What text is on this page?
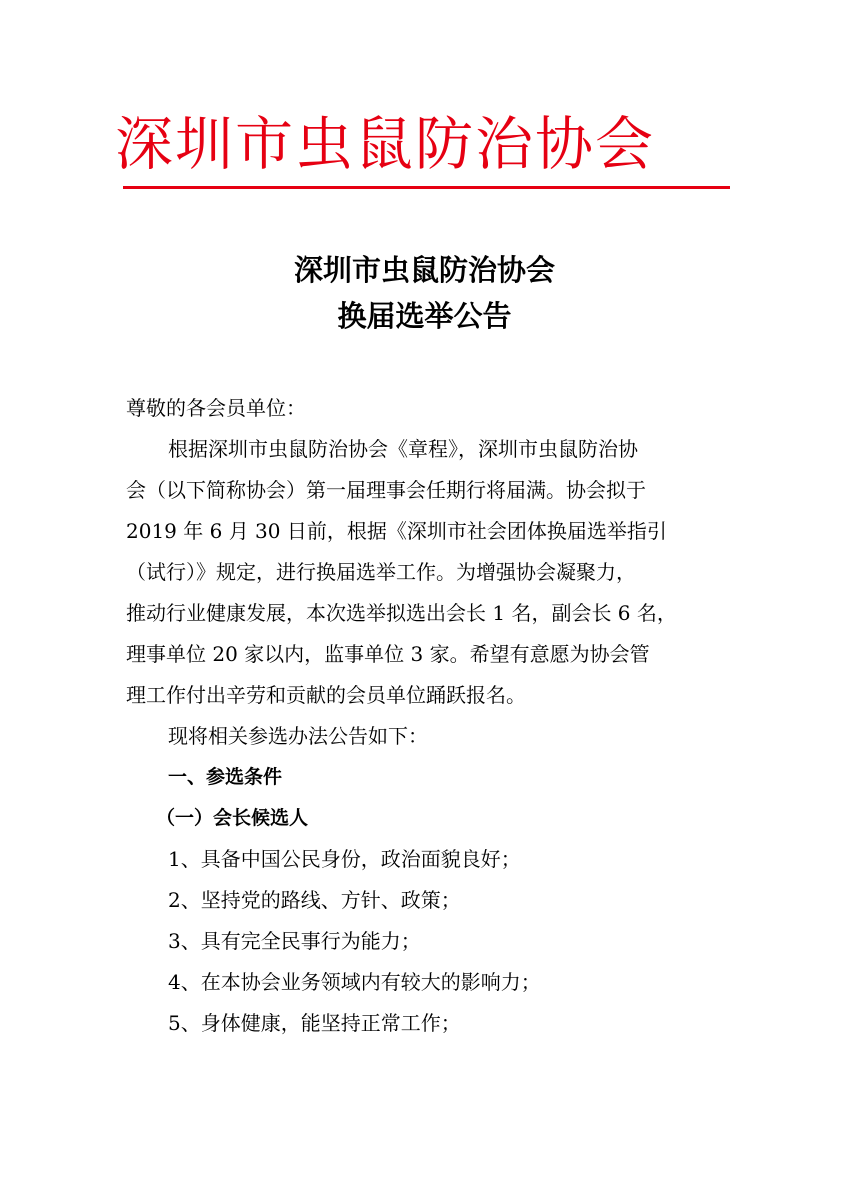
深圳市虫鼠防治协会
深圳市虫鼠防治协会
换届选举公告

尊敬的各会员单位：

根据深圳市虫鼠防治协会《章程》，深圳市虫鼠防治协
会（以下简称协会）第一届理事会任期行将届满。协会拟于
2019 年 6 月 30 日前，根据《深圳市社会团体换届选举指引
（试行）》规定，进行换届选举工作。为增强协会凝聚力，
推动行业健康发展，本次选举拟选出会长 1 名，副会长 6 名，
理事单位 20 家以内，监事单位 3 家。希望有意愿为协会管
理工作付出辛劳和贡献的会员单位踊跃报名。

现将相关参选办法公告如下：

一、参选条件

（一）会长候选人

1、具备中国公民身份，政治面貌良好；

2、坚持党的路线、方针、政策；

3、具有完全民事行为能力；

4、在本协会业务领域内有较大的影响力；

5、身体健康，能坚持正常工作；
